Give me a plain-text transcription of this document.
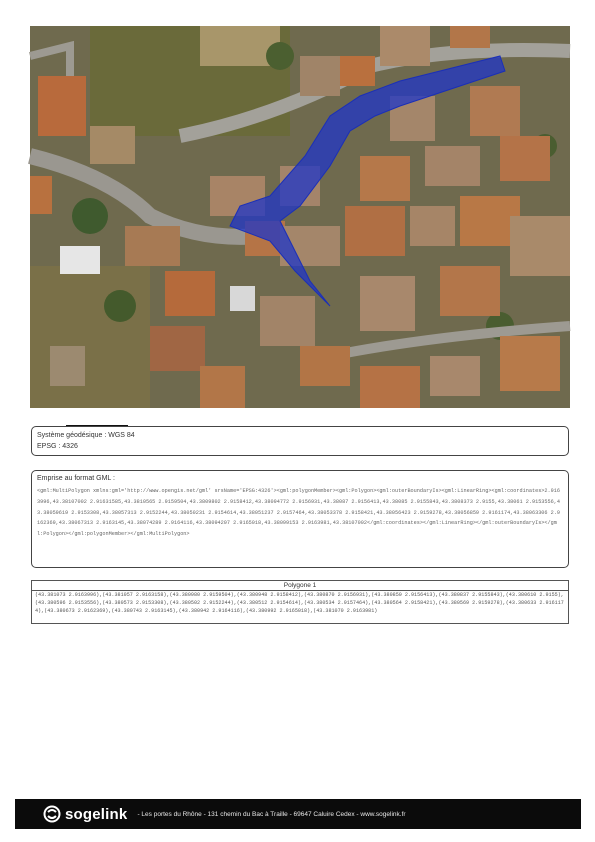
20 m
Système géodésique : WGS 84
EPSG : 4326
Emprise au format GML :
<gml:MultiPolygon xmlns:gml='http://www.opengis.net/gml' srsName='EPSG:4326'><gml:polygonMember><gml:Polygon><gml:outerBoundaryIs><gml:LinearRing><gml:coordinates>2.9163996,43.38107002 2.91631585,43.3810565 2.9159504,43.3809802 2.9158412,43.38094772 2.9156931,43.38087 2.9156413,43.38085 2.9155843,43.3808373 2.9155,43.38061 2.9153556,43.38059619 2.9153308,43.38057313 2.9152244,43.38050231 2.9154614,43.38051237 2.9157464,43.38053378 2.9158421,43.38056423 2.9159278,43.38056859 2.9161174,43.38063306 2.9162369,43.38067313 2.9163145,43.38074289 2.9164116,43.38094207 2.9165018,43.38099153 2.9163981,43.38107002</gml:coordinates></gml:LinearRing></gml:outerBoundaryIs></gml:Polygon></gml:polygonMember></gml:MultiPolygon>
Polygone 1
(43.381073 2.9163996),(43.381057 2.9163158),(43.380980 2.9159504),(43.380948 2.9158412),(43.380870 2.9156931),(43.380850 2.9156413),(43.380837 2.9155843),(43.380610 2.9155),(43.380596 2.9153556),(43.380573 2.9153308),(43.380502 2.9152244),(43.380512 2.9154614),(43.380534 2.9157464),(43.380564 2.9158421),(43.380569 2.9159278),(43.380633 2.9161174),(43.380673 2.9162369),(43.380743 2.9163145),(43.380942 2.9164116),(43.380992 2.9165018),(43.381070 2.9163981)
sogelink - Les portes du Rhône - 131 chemin du Bac à Traille - 69647 Caluire Cedex - www.sogelink.fr
